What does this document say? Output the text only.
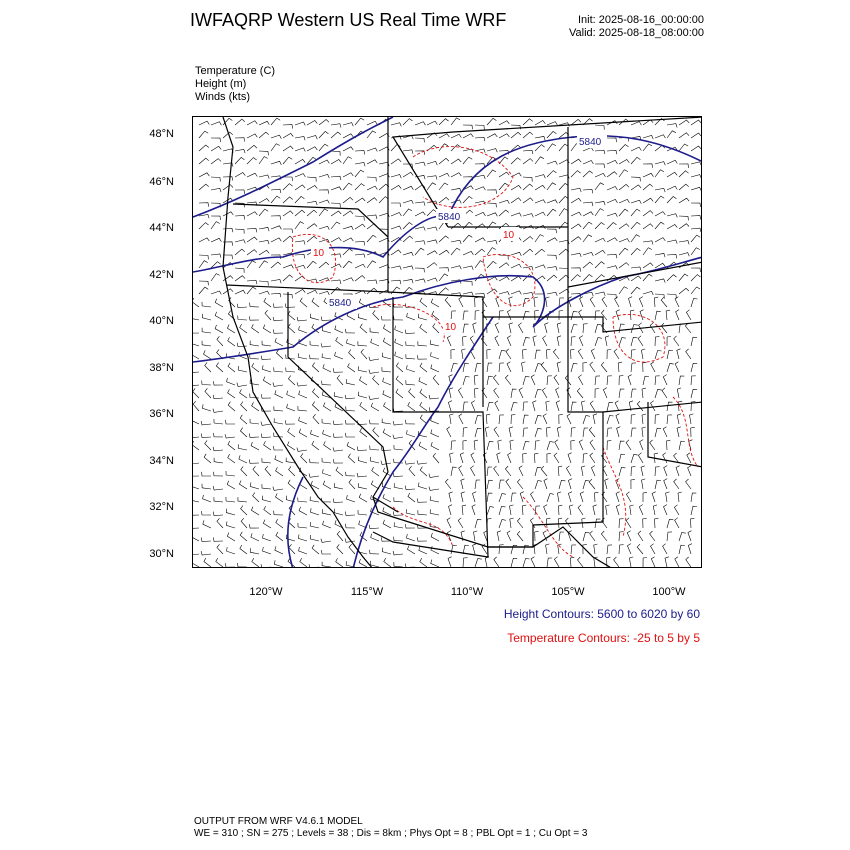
IWFAQRP Western US Real Time WRF	Init: 2025-08-16_00:00:00
Valid: 2025-08-18_08:00:00
Temperature (C)
Height (m)
Winds (kts)
5840
5840
5840
10
10
10
48°N
46°N
44°N
42°N
40°N
38°N
36°N
34°N
32°N
30°N
120°W	115°W	110°W	105°W	100°W
Height Contours: 5600 to 6020 by 60
Temperature Contours: -25 to 5 by 5
OUTPUT FROM WRF V4.6.1 MODEL
WE = 310 ; SN = 275 ; Levels = 38 ; Dis = 8km ; Phys Opt = 8 ; PBL Opt = 1 ; Cu Opt = 3
